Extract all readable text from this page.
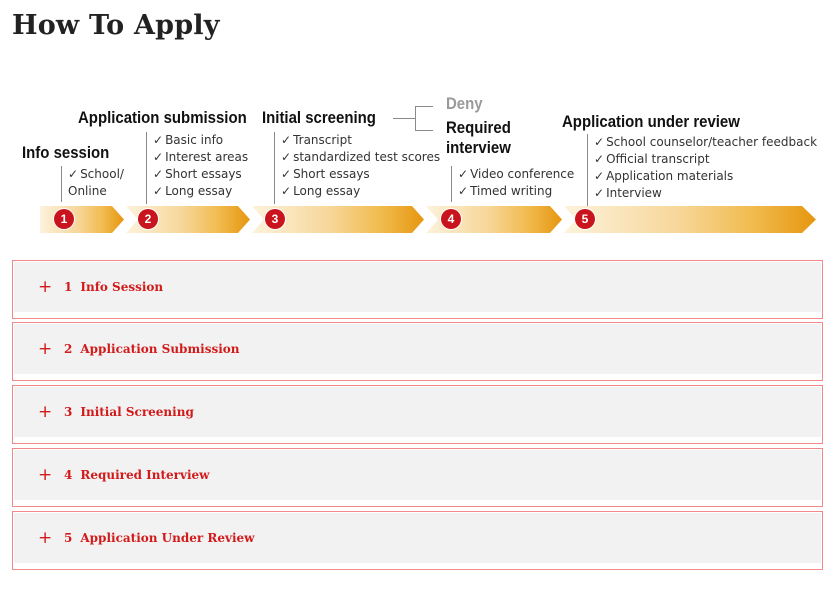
How To Apply
Info session
✓ School/
Online
Application submission
✓ Basic info
✓ Interest areas
✓ Short essays
✓ Long essay
Initial screening
✓ Transcript
✓ standardized test scores
✓ Short essays
✓ Long essay
Deny
Required
interview
✓ Video conference
✓ Timed writing
Application under review
✓ School counselor/teacher feedback
✓ Official transcript
✓ Application materials
✓ Interview
1	2	3	4	5
+ 1 Info Session
+ 2 Application Submission
+ 3 Initial Screening
+ 4 Required Interview
+ 5 Application Under Review
